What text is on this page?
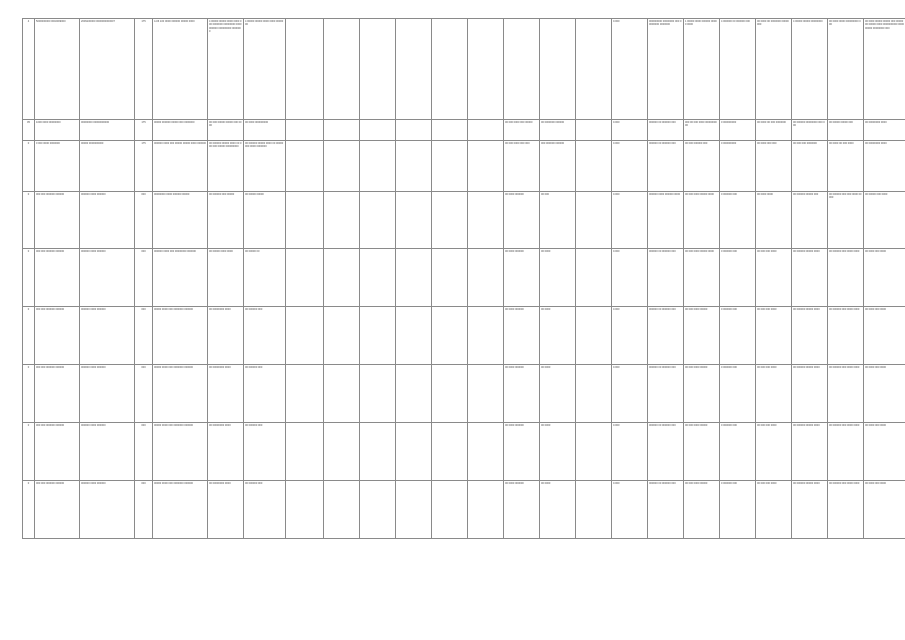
4	5000000000 0002009000	2009100000 0000000000007	175	4-06 100 0000 000000 00000 0000	4 00000 00000 0000 0000 000 0000000 00000000 0000000000 000000000 0000000	4 00000 00000 0000 0000 0000000										0.000	000000000 00000000 000 00000000 0000000	1 00000 0000 000000 00000 0000	4 000000 00 000000 000	00 0000 00 0000000 00000000	4 00000 00000 00000000	00 0000 0000 000000000 000	00 0000 00000 00000 000 0000000 00000 0000 0000000000 000000000 00000000 000
05	1000 0000 00000000	00000000 00000000000	175	00000 000000 00000 000 0000000	00 000 00000 00000 000 0000	00 0000 000000000							00 000 0000 000 00000	00 0000000 000000		0.000	000000 00 000000 000	000 00 000 0000 0000000000	0 000000000	00 0000 00 000 0000000	00 000000 00000000 000 000	00 00000 00000 000	00 00000000 0000
0	0 000 0000 0000000	00000 0000000000	175	000000 0000 000 00000 00000 0000 000000	00 000000 00000 0000 00 000 000 00000 000000000	00 000000 00000 0000 00 00000 000 0000 0000000							00 000 0000 000 000	000 000000 000000		0.000	000000 00 000000 000	00 000 000000 000	0 000000000	00 0000 000 000	00 000 000 0000000	00 0000 00 000 0000	00 00000000 0000
0	000 000 000000 000000	000000 0000 000000	000	00000000 0000 000000 00000	00 000000 000 00000	00 00000 00000							00 0000 000000	00 000		0.000	000000 0000 000000 0000	00 000 0000 00000 0000	0 000000 000	00 0000 0000	00 000000 00000 000	00 000000 000 000 0000 00000	00 00000 000 0000
0	000 000 000000 000000	000000 0000 000000	000	000000 0000 000 00000000 000000	00 00000 0000 0000	00 00000 00							00 0000 000000	00 0000		0.000	000000 00 000000 000	00 000 0000 00000 0000	0 000000 000	00 000 000 0000	00 000000 00000 0000	00 000000 000 0000 0000	00 0000 000 0000
0	000 000 000000 000000	000000 0000 000000	000	00000 0000 000 0000000 000000	00 00000000 0000	00 000000 000							00 0000 000000	00 0000		0.000	000000 00 000000 000	00 000 0000 00000	0 000000 000	00 000 000 0000	00 000000 00000 0000	00 000000 000 0000 0000	00 0000 000 0000
0	000 000 000000 000000	000000 0000 000000	000	00000 0000 000 0000000 000000	00 00000000 0000	00 000000 000							00 0000 000000	00 0000		0.000	000000 00 000000 000	00 000 0000 00000	0 000000 000	00 000 000 0000	00 000000 00000 0000	00 000000 000 0000 0000	00 0000 000 0000
0	000 000 000000 000000	000000 0000 000000	000	00000 0000 000 0000000 000000	00 00000000 0000	00 000000 000							00 0000 000000	00 0000		0.000	000000 00 000000 000	00 000 0000 00000	0 000000 000	00 000 000 0000	00 000000 00000 0000	00 000000 000 0000 0000	00 0000 000 0000
0	000 000 000000 000000	000000 0000 000000	000	00000 0000 000 0000000 000000	00 00000000 0000	00 000000 000							00 0000 000000	00 0000		0.000	000000 00 000000 000	00 000 0000 00000	0 000000 000	00 000 000 0000	00 000000 00000 0000	00 000000 000 0000 0000	00 0000 000 0000
